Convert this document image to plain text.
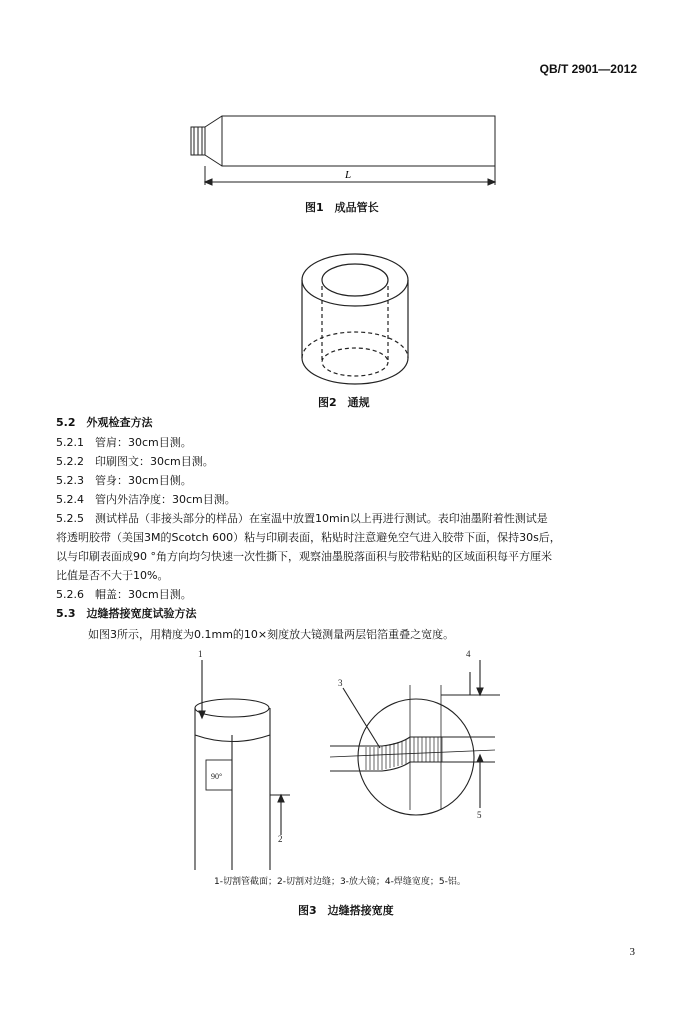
QB/T 2901—2012
L
图1　成品管长
图2　通规
5.2　 外观检查方法
5.2.1　 管肩：30cm目测。
5.2.2　 印刷图文：30cm目测。
5.2.3　 管身：30cm目侧。
5.2.4　 管内外洁净度：30cm目测。
5.2.5　 测试样品（非接头部分的样品）在室温中放置10min以上再进行测试。表印油墨附着性测试是
将透明胶带（美国3M的Scotch 600）粘与印刷表面，粘贴时注意避免空气进入胶带下面，保持30s后，
以与印刷表面成90 °角方向均匀快速一次性撕下，观察油墨脱落面积与胶带粘贴的区域面积每平方厘米
比值是否不大于10%。
5.2.6　 帽盖：30cm目测。
5.3　 边缝搭接宽度试验方法
如图3所示，用精度为0.1mm的10×刻度放大镜测量两层铝箔重叠之宽度。
1
2
3
4
5
90°
1-切割管截面；2-切割对边缝；3-放大镜；4-焊缝宽度；5-铝。
图3　边缝搭接宽度
3
